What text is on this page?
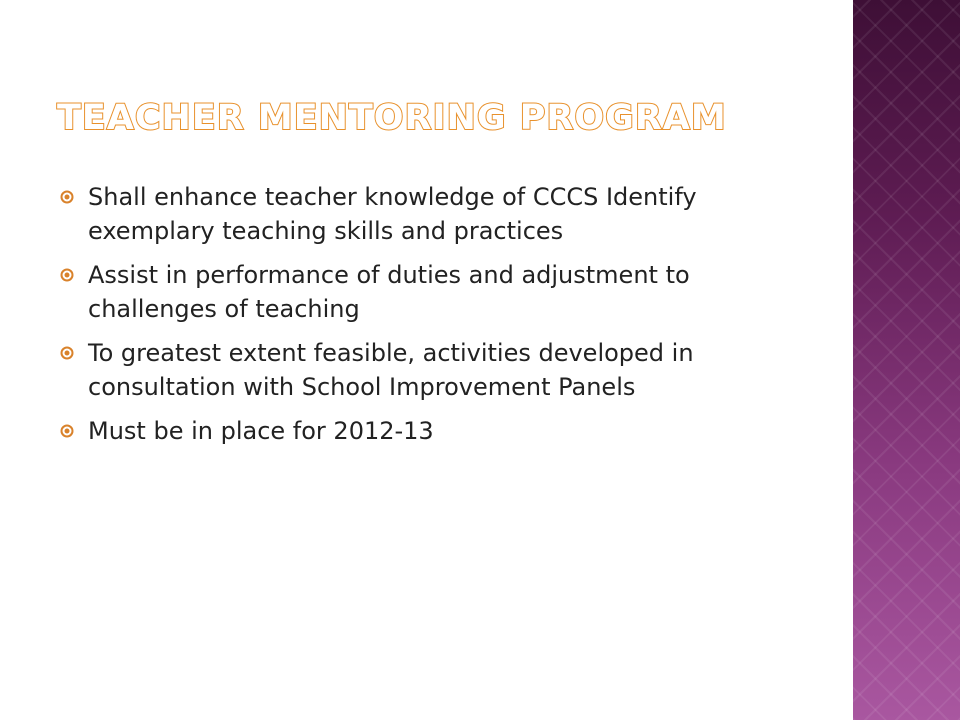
TEACHER MENTORING PROGRAM
Shall enhance teacher knowledge of CCCS Identify exemplary teaching skills and practices
Assist in performance of duties and adjustment to challenges of teaching
To greatest extent feasible, activities developed in consultation with School Improvement Panels
Must be in place for 2012-13
